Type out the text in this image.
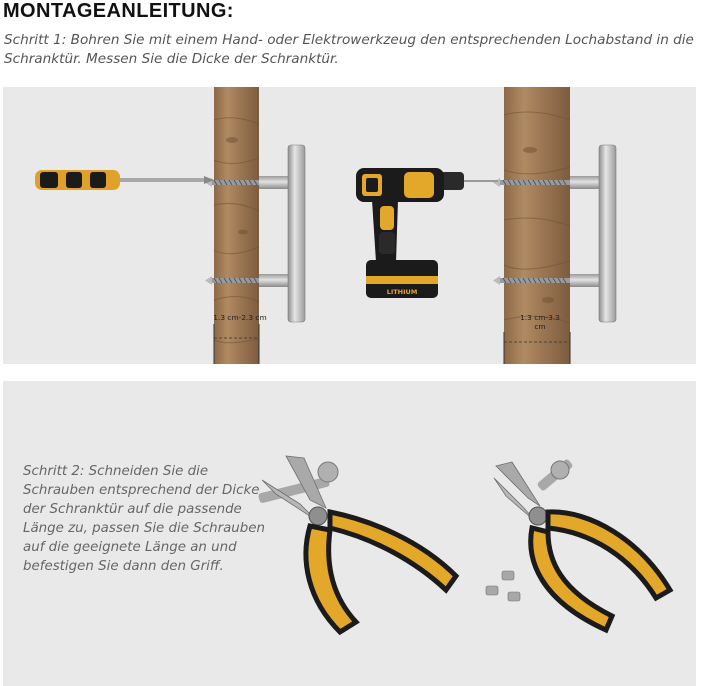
MONTAGEANLEITUNG:
Schritt 1: Bohren Sie mit einem Hand- oder Elektrowerkzeug den entsprechenden Lochabstand in die Schranktür. Messen Sie die Dicke der Schranktür.
LITHIUM
1.3 cm-2.3 cm	1.3 cm-3.3 cm
Schritt 2: Schneiden Sie die Schrauben entsprechend der Dicke der Schranktür auf die passende Länge zu, passen Sie die Schrauben auf die geeignete Länge an und befestigen Sie dann den Griff.
